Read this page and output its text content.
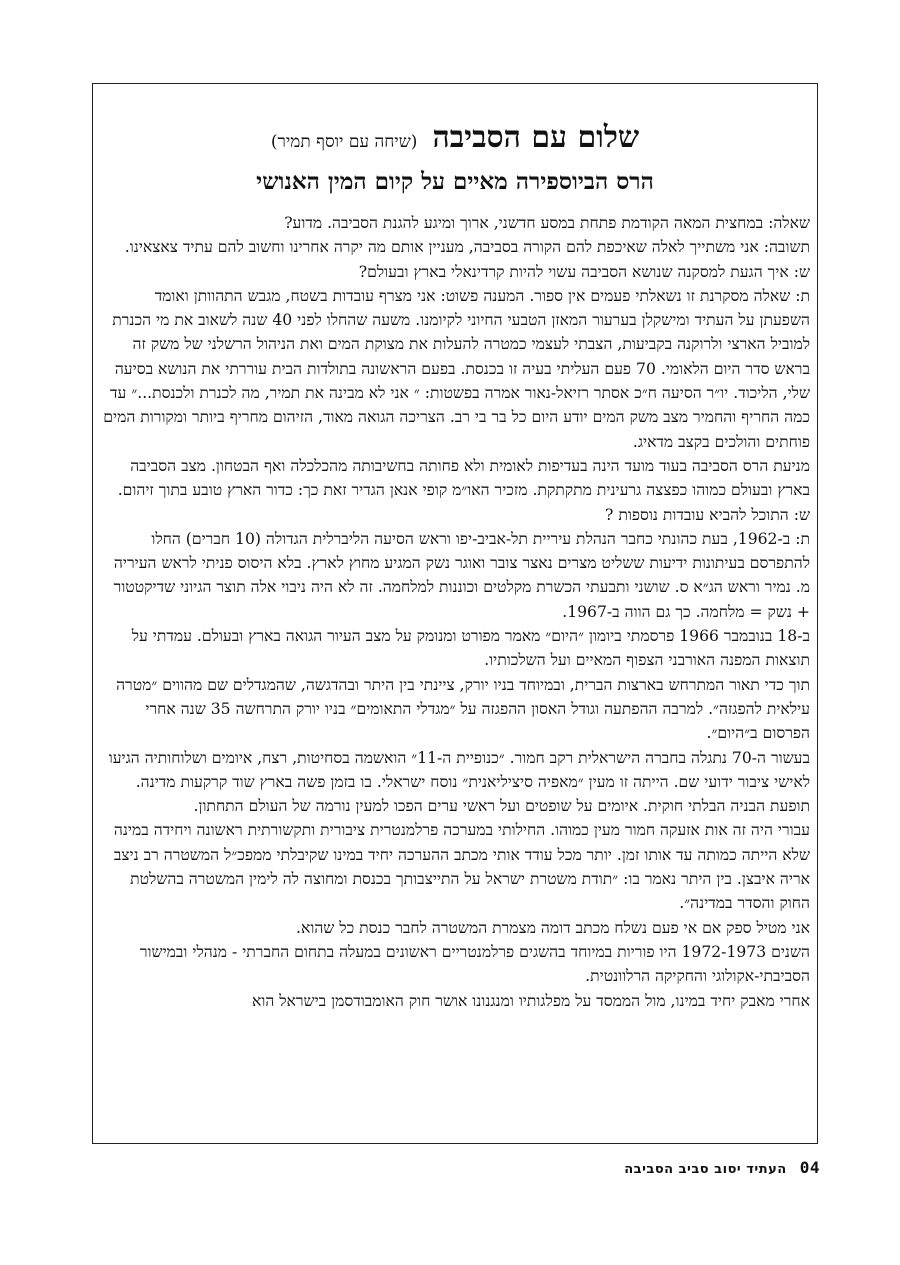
שלום עם הסביבה (שיחה עם יוסף תמיר)
הרס הביוספירה מאיים על קיום המין האנושי

שאלה: במחצית המאה הקודמת פתחת במסע חדשני, ארוך ומיגע להגנת הסביבה. מדוע?

תשובה: אני משתייך לאלה שאיכפת להם הקורה בסביבה, מעניין אותם מה יקרה אחרינו וחשוב להם עתיד צאצאינו.

ש: איך הגעת למסקנה שנושא הסביבה עשוי להיות קרדינאלי בארץ ובעולם?

ת: שאלה מסקרנת זו נשאלתי פעמים אין ספור. המענה פשוט: אני מצרף עובדות בשטח, מגבש התהוותן ואומד השפעתן על העתיד ומישקלן בערעור המאזן הטבעי החיוני לקיומנו. משעה שהחלו לפני 40 שנה לשאוב את מי הכנרת למוביל הארצי ולרוקנה בקביעות, הצבתי לעצמי כמטרה להעלות את מצוקת המים ואת הניהול הרשלני של משק זה בראש סדר היום הלאומי. 70 פעם העליתי בעיה זו בכנסת. בפעם הראשונה בתולדות הבית עוררתי את הנושא בסיעה שלי, הליכוד. יו״ר הסיעה ח״כ אסתר רזיאל-נאור אמרה בפשטות: ״ אני לא מבינה את תמיר, מה לכנרת ולכנסת...״ עד כמה החריף והחמיר מצב משק המים יודע היום כל בר בי רב. הצריכה הגואה מאוד, הזיהום מחריף ביותר ומקורות המים פוחתים והולכים בקצב מדאיג.

מניעת הרס הסביבה בעוד מועד הינה בעדיפות לאומית ולא פחותה בחשיבותה מהכלכלה ואף הבטחון. מצב הסביבה בארץ ובעולם כמוהו כפצצה גרעינית מתקתקת. מזכיר האו״מ קופי אנאן הגדיר זאת כך: כדור הארץ טובע בתוך זיהום.

ש: התוכל להביא עובדות נוספות ?

ת: ב-1962, בעת כהונתי כחבר הנהלת עיריית תל-אביב-יפו וראש הסיעה הליברלית הגדולה (10 חברים) החלו להתפרסם בעיתונות ידיעות ששליט מצרים נאצר צובר ואוגר נשק המגיע מחוץ לארץ. בלא היסוס פניתי לראש העיריה מ. נמיר וראש הג״א ס. שושני ותבעתי הכשרת מקלטים וכוננות למלחמה. זה לא היה ניבוי אלה תוצר הגיוני שדיקטטור + נשק = מלחמה. כך גם הווה ב-1967.

ב-18 בנובמבר 1966 פרסמתי ביומון ״היום״ מאמר מפורט ומנומק על מצב העיור הגואה בארץ ובעולם. עמדתי על תוצאות המפנה האורבני הצפוף המאיים ועל השלכותיו.

תוך כדי תאור המתרחש בארצות הברית, ובמיוחד בניו יורק, ציינתי בין היתר ובהדגשה, שהמגדלים שם מהווים ״מטרה עילאית להפגזה״. למרבה ההפתעה וגודל האסון ההפגזה על ״מגדלי התאומים״ בניו יורק התרחשה 35 שנה אחרי הפרסום ב״היום״.

בעשור ה-70 נתגלה בחברה הישראלית רקב חמור. ״כנופיית ה-11״ הואשמה בסחיטות, רצח, איומים ושלוחותיה הגיעו לאישי ציבור ידועי שם. הייתה זו מעין ״מאפיה סיציליאנית״ נוסח ישראלי. בו בזמן פשה בארץ שוד קרקעות מדינה. תופעת הבניה הבלתי חוקית. איומים על שופטים ועל ראשי ערים הפכו למעין נורמה של העולם התחתון.

עבורי היה זה אות אזעקה חמור מעין כמוהו. החילותי במערכה פרלמנטרית ציבורית ותקשורתית ראשונה ויחידה במינה שלא הייתה כמותה עד אותו זמן. יותר מכל עודד אותי מכתב ההערכה יחיד במינו שקיבלתי ממפכ״ל המשטרה רב ניצב אריה איבצן. בין היתר נאמר בו: ״תודת משטרת ישראל על התייצבותך בכנסת ומחוצה לה לימין המשטרה בהשלטת החוק והסדר במדינה״.

אני מטיל ספק אם אי פעם נשלח מכתב דומה מצמרת המשטרה לחבר כנסת כל שהוא.

השנים 1972-1973 היו פוריות במיוחד בהשגים פרלמנטריים ראשונים במעלה בתחום החברתי - מנהלי ובמישור הסביבתי-אקולוגי והחקיקה הרלוונטית.

אחרי מאבק יחיד במינו, מול הממסד על מפלגותיו ומנגנונו אושר חוק האומבודסמן בישראל הוא

04 העתיד יסוב סביב הסביבה
